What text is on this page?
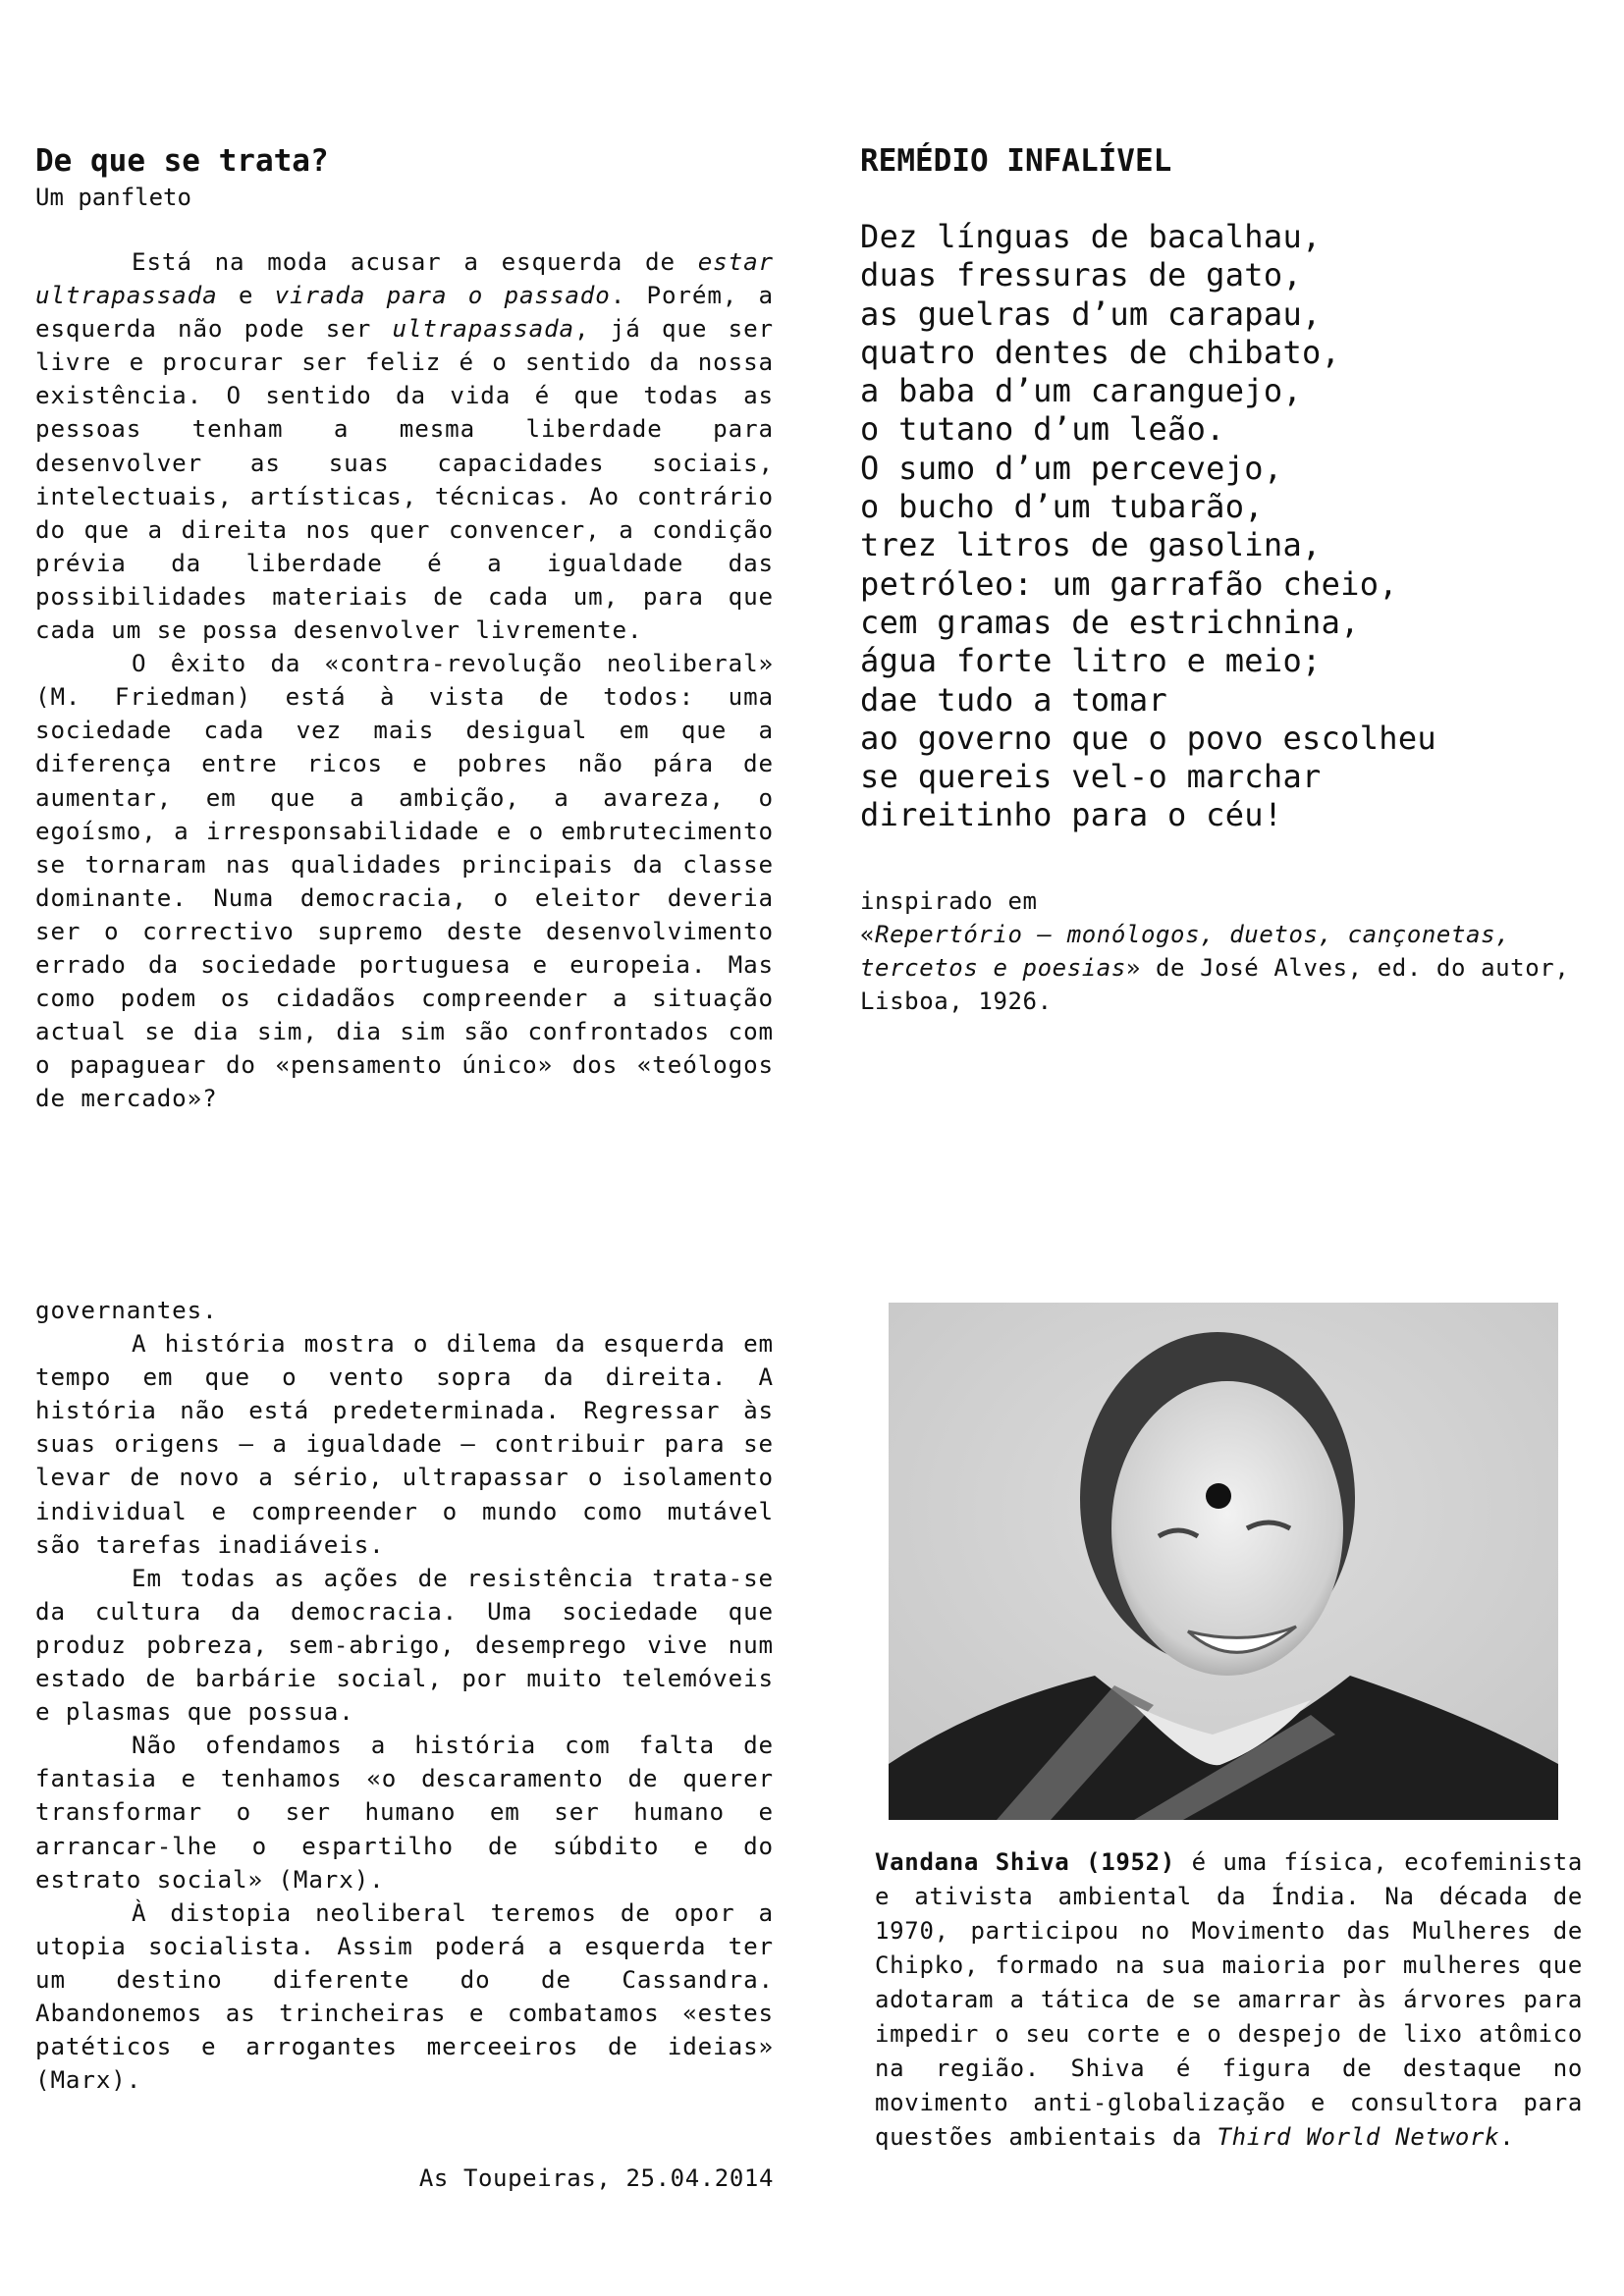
De que se trata?
Um panfleto

Está na moda acusar a esquerda de estar ultrapassada e virada para o passado. Porém, a esquerda não pode ser ultrapassada, já que ser livre e procurar ser feliz é o sentido da nossa existência. O sentido da vida é que todas as pessoas tenham a mesma liberdade para desenvolver as suas capacidades sociais, intelectuais, artísticas, técnicas. Ao contrário do que a direita nos quer convencer, a condição prévia da liberdade é a igualdade das possibilidades materiais de cada um, para que cada um se possa desenvolver livremente.

O êxito da «contra-revolução neoliberal» (M. Friedman) está à vista de todos: uma sociedade cada vez mais desigual em que a diferença entre ricos e pobres não pára de aumentar, em que a ambição, a avareza, o egoísmo, a irresponsabilidade e o embrutecimento se tornaram nas qualidades principais da classe dominante. Numa democracia, o eleitor deveria ser o correctivo supremo deste desenvolvimento errado da sociedade portuguesa e europeia. Mas como podem os cidadãos compreender a situação actual se dia sim, dia sim são confrontados com o papaguear do «pensamento único» dos «teólogos de mercado»?

governantes.

A história mostra o dilema da esquerda em tempo em que o vento sopra da direita. A história não está predeterminada. Regressar às suas origens – a igualdade – contribuir para se levar de novo a sério, ultrapassar o isolamento individual e compreender o mundo como mutável são tarefas inadiáveis.

Em todas as ações de resistência trata-se da cultura da democracia. Uma sociedade que produz pobreza, sem-abrigo, desemprego vive num estado de barbárie social, por muito telemóveis e plasmas que possua.

Não ofendamos a história com falta de fantasia e tenhamos «o descaramento de querer transformar o ser humano em ser humano e arrancar-lhe o espartilho de súbdito e do estrato social» (Marx).

À distopia neoliberal teremos de opor a utopia socialista. Assim poderá a esquerda ter um destino diferente do de Cassandra. Abandonemos as trincheiras e combatamos «estes patéticos e arrogantes merceeiros de ideias» (Marx).

As Toupeiras, 25.04.2014
REMÉDIO INFALÍVEL
Dez línguas de bacalhau,
duas fressuras de gato,
as guelras d’um carapau,
quatro dentes de chibato,
a baba d’um caranguejo,
o tutano d’um leão.
O sumo d’um percevejo,
o bucho d’um tubarão,
trez litros de gasolina,
petróleo: um garrafão cheio,
cem gramas de estrichnina,
água forte litro e meio;
dae tudo a tomar
ao governo que o povo escolheu
se quereis vel-o marchar
direitinho para o céu!
inspirado em
«Repertório – monólogos, duetos, cançonetas, tercetos e poesias» de José Alves, ed. do autor, Lisboa, 1926.
Vandana Shiva (1952) é uma física, ecofeminista e ativista ambiental da Índia. Na década de 1970, participou no Movimento das Mulheres de Chipko, formado na sua maioria por mulheres que adotaram a tática de se amarrar às árvores para impedir o seu corte e o despejo de lixo atômico na região. Shiva é figura de destaque no movimento anti-globalização e consultora para questões ambientais da Third World Network.
